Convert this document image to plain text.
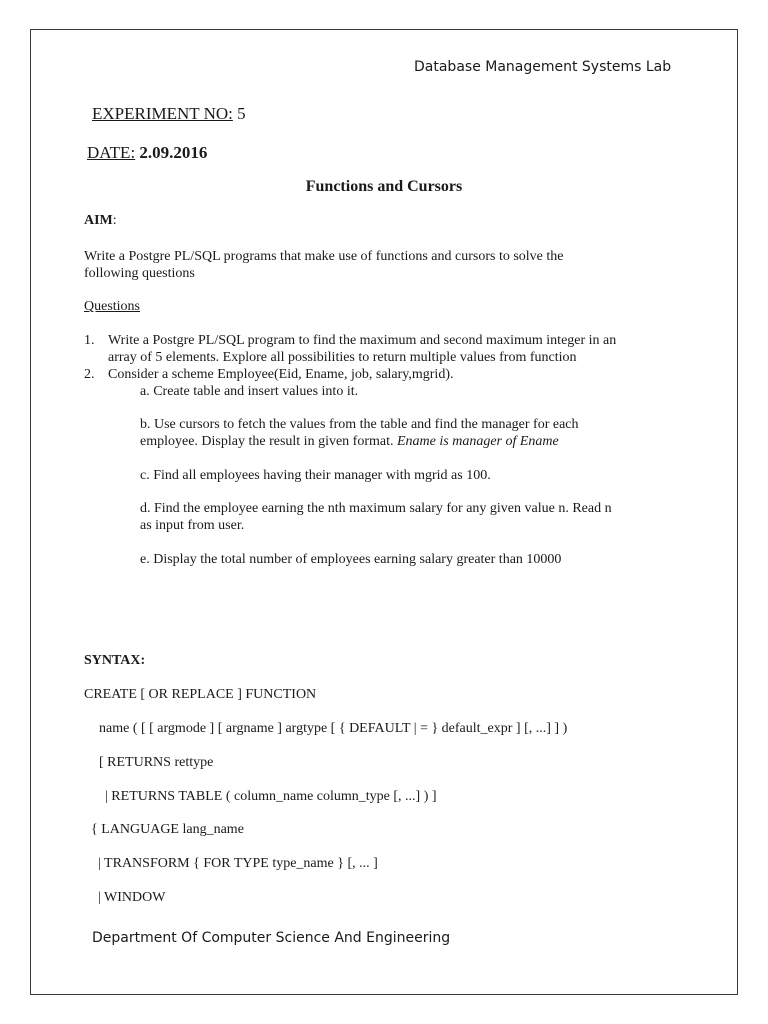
Database Management Systems Lab
EXPERIMENT NO: 5
DATE: 2.09.2016
Functions and Cursors
AIM:
Write a Postgre PL/SQL programs that make use of functions and cursors to solve the
following questions
Questions
1. Write a Postgre PL/SQL program to find the maximum and second maximum integer in an
array of 5 elements. Explore all possibilities to return multiple values from function
2. Consider a scheme Employee(Eid, Ename, job, salary,mgrid).
a. Create table and insert values into it.
b. Use cursors to fetch the values from the table and find the manager for each
employee. Display the result in given format. Ename is manager of Ename
c. Find all employees having their manager with mgrid as 100.
d. Find the employee earning the nth maximum salary for any given value n. Read n
as input from user.
e. Display the total number of employees earning salary greater than 10000
SYNTAX:
CREATE [ OR REPLACE ] FUNCTION
name ( [ [ argmode ] [ argname ] argtype [ { DEFAULT | = } default_expr ] [, ...] ] )
[ RETURNS rettype
| RETURNS TABLE ( column_name column_type [, ...] ) ]
{ LANGUAGE lang_name
| TRANSFORM { FOR TYPE type_name } [, ... ]
| WINDOW
Department Of Computer Science And Engineering
